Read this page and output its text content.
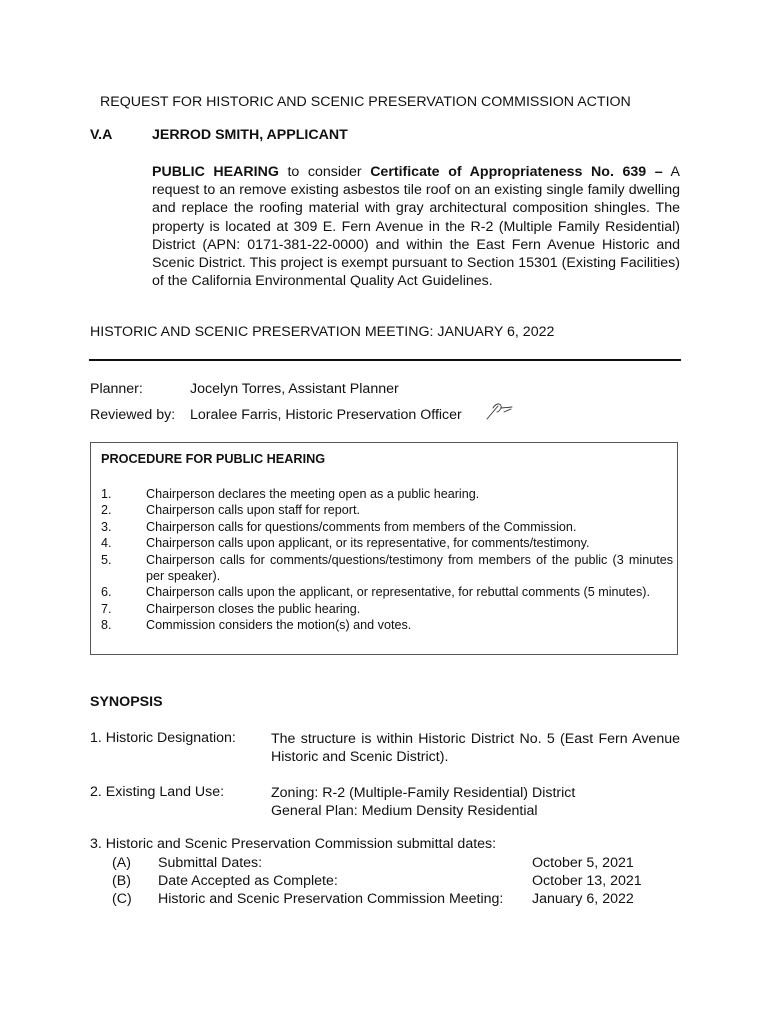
REQUEST FOR HISTORIC AND SCENIC PRESERVATION COMMISSION ACTION
V.A	JERROD SMITH, APPLICANT
PUBLIC HEARING to consider Certificate of Appropriateness No. 639 – A request to an remove existing asbestos tile roof on an existing single family dwelling and replace the roofing material with gray architectural composition shingles. The property is located at 309 E. Fern Avenue in the R-2 (Multiple Family Residential) District (APN: 0171-381-22-0000) and within the East Fern Avenue Historic and Scenic District. This project is exempt pursuant to Section 15301 (Existing Facilities) of the California Environmental Quality Act Guidelines.
HISTORIC AND SCENIC PRESERVATION MEETING: JANUARY 6, 2022
Planner:	Jocelyn Torres, Assistant Planner
Reviewed by: Loralee Farris, Historic Preservation Officer
PROCEDURE FOR PUBLIC HEARING
1.	Chairperson declares the meeting open as a public hearing.
2.	Chairperson calls upon staff for report.
3.	Chairperson calls for questions/comments from members of the Commission.
4.	Chairperson calls upon applicant, or its representative, for comments/testimony.
5.	Chairperson calls for comments/questions/testimony from members of the public (3 minutes per speaker).
6.	Chairperson calls upon the applicant, or representative, for rebuttal comments (5 minutes).
7.	Chairperson closes the public hearing.
8.	Commission considers the motion(s) and votes.
SYNOPSIS
1. Historic Designation:	The structure is within Historic District No. 5 (East Fern Avenue Historic and Scenic District).
2. Existing Land Use:	Zoning: R-2 (Multiple-Family Residential) District
General Plan: Medium Density Residential
3. Historic and Scenic Preservation Commission submittal dates:
(A)	Submittal Dates:	October 5, 2021
(B)	Date Accepted as Complete:	October 13, 2021
(C)	Historic and Scenic Preservation Commission Meeting:	January 6, 2022
